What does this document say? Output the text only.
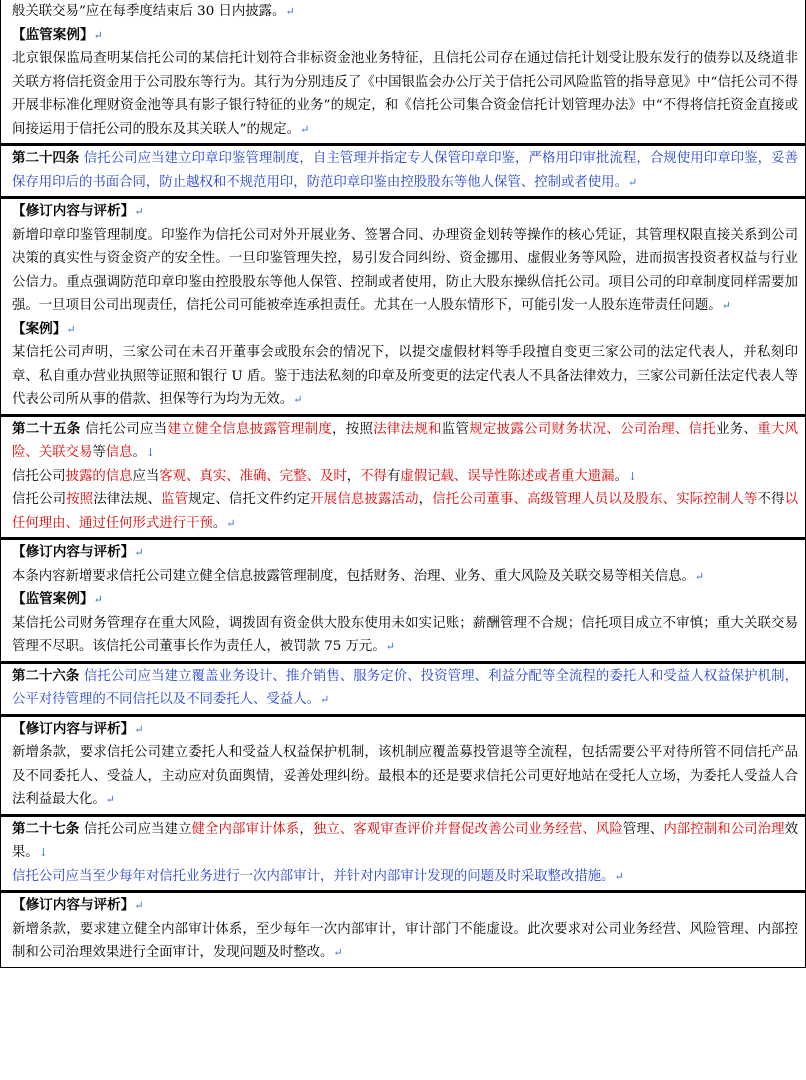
般关联交易”应在每季度结束后 30 日内披露。↵

【监管案例】↵

北京银保监局查明某信托公司的某信托计划符合非标资金池业务特征，且信托公司存在通过信托计划受让股东发行的债券以及绕道非关联方将信托资金用于公司股东等行为。其行为分别违反了《中国银监会办公厅关于信托公司风险监管的指导意见》中“信托公司不得开展非标准化理财资金池等具有影子银行特征的业务”的规定，和《信托公司集合资金信托计划管理办法》中“不得将信托资金直接或间接运用于信托公司的股东及其关联人”的规定。↵

第二十四条 信托公司应当建立印章印鉴管理制度，自主管理并指定专人保管印章印鉴，严格用印审批流程，合规使用印章印鉴，妥善保存用印后的书面合同，防止越权和不规范用印，防范印章印鉴由控股股东等他人保管、控制或者使用。↵

【修订内容与评析】↵

新增印章印鉴管理制度。印鉴作为信托公司对外开展业务、签署合同、办理资金划转等操作的核心凭证，其管理权限直接关系到公司决策的真实性与资金资产的安全性。一旦印鉴管理失控，易引发合同纠纷、资金挪用、虚假业务等风险，进而损害投资者权益与行业公信力。重点强调防范印章印鉴由控股股东等他人保管、控制或者使用，防止大股东操纵信托公司。项目公司的印章制度同样需要加强。一旦项目公司出现责任，信托公司可能被牵连承担责任。尤其在一人股东情形下，可能引发一人股东连带责任问题。↵

【案例】↵

某信托公司声明，三家公司在未召开董事会或股东会的情况下，以提交虚假材料等手段擅自变更三家公司的法定代表人，并私刻印章、私自重办营业执照等证照和银行 U 盾。鉴于违法私刻的印章及所变更的法定代表人不具备法律效力，三家公司新任法定代表人等代表公司所从事的借款、担保等行为均为无效。↵

第二十五条 信托公司应当建立健全信息披露管理制度，按照法律法规和监管规定披露公司财务状况、公司治理、信托业务、重大风险、关联交易等信息。↓

信托公司披露的信息应当客观、真实、准确、完整、及时，不得有虚假记载、误导性陈述或者重大遗漏。↓

信托公司按照法律法规、监管规定、信托文件约定开展信息披露活动，信托公司董事、高级管理人员以及股东、实际控制人等不得以任何理由、通过任何形式进行干预。↵

【修订内容与评析】↵

本条内容新增要求信托公司建立健全信息披露管理制度，包括财务、治理、业务、重大风险及关联交易等相关信息。↵

【监管案例】↵

某信托公司财务管理存在重大风险，调拨固有资金供大股东使用未如实记账；薪酬管理不合规；信托项目成立不审慎；重大关联交易管理不尽职。该信托公司董事长作为责任人，被罚款 75 万元。↵

第二十六条 信托公司应当建立覆盖业务设计、推介销售、服务定价、投资管理、利益分配等全流程的委托人和受益人权益保护机制，公平对待管理的不同信托以及不同委托人、受益人。↵

【修订内容与评析】↵

新增条款，要求信托公司建立委托人和受益人权益保护机制，该机制应覆盖募投管退等全流程，包括需要公平对待所管不同信托产品及不同委托人、受益人，主动应对负面舆情，妥善处理纠纷。最根本的还是要求信托公司更好地站在受托人立场，为委托人受益人合法利益最大化。↵

第二十七条 信托公司应当建立健全内部审计体系，独立、客观审查评价并督促改善公司业务经营、风险管理、内部控制和公司治理效果。↓

信托公司应当至少每年对信托业务进行一次内部审计，并针对内部审计发现的问题及时采取整改措施。↵

【修订内容与评析】↵

新增条款，要求建立健全内部审计体系，至少每年一次内部审计，审计部门不能虚设。此次要求对公司业务经营、风险管理、内部控制和公司治理效果进行全面审计，发现问题及时整改。↵
